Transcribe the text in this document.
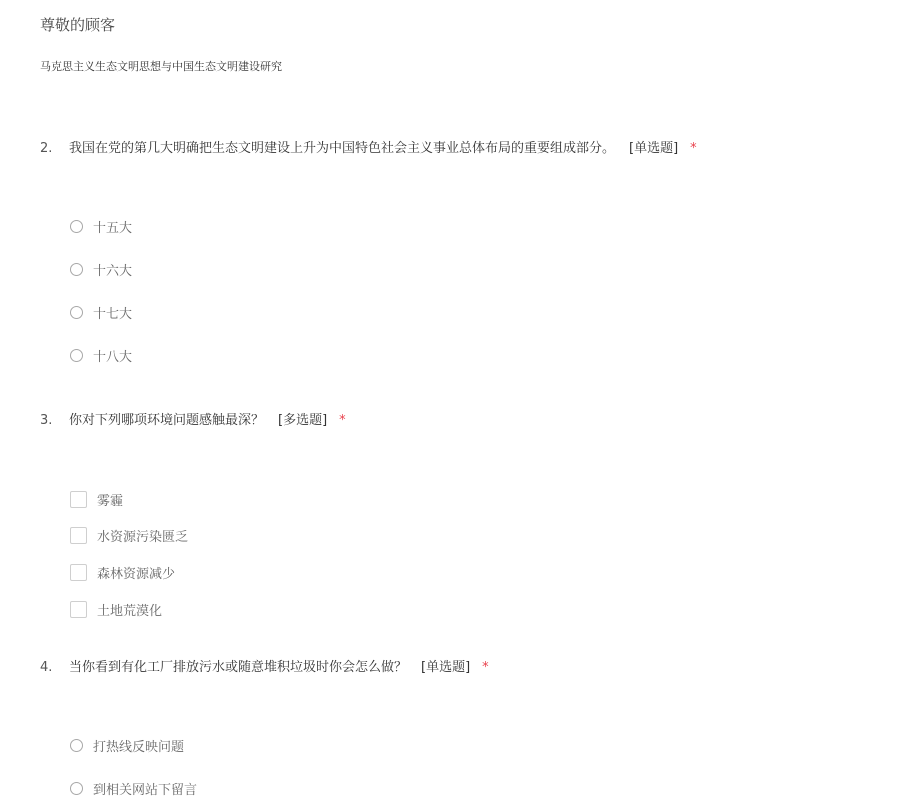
尊敬的顾客
马克思主义生态文明思想与中国生态文明建设研究
2.	我国在党的第几大明确把生态文明建设上升为中国特色社会主义事业总体布局的重要组成部分。 [单选题] *
十五大
十六大
十七大
十八大
3.	你对下列哪项环境问题感触最深？ [多选题] *
雾霾
水资源污染匮乏
森林资源减少
土地荒漠化
4.	当你看到有化工厂排放污水或随意堆积垃圾时你会怎么做？ [单选题] *
打热线反映问题
到相关网站下留言
